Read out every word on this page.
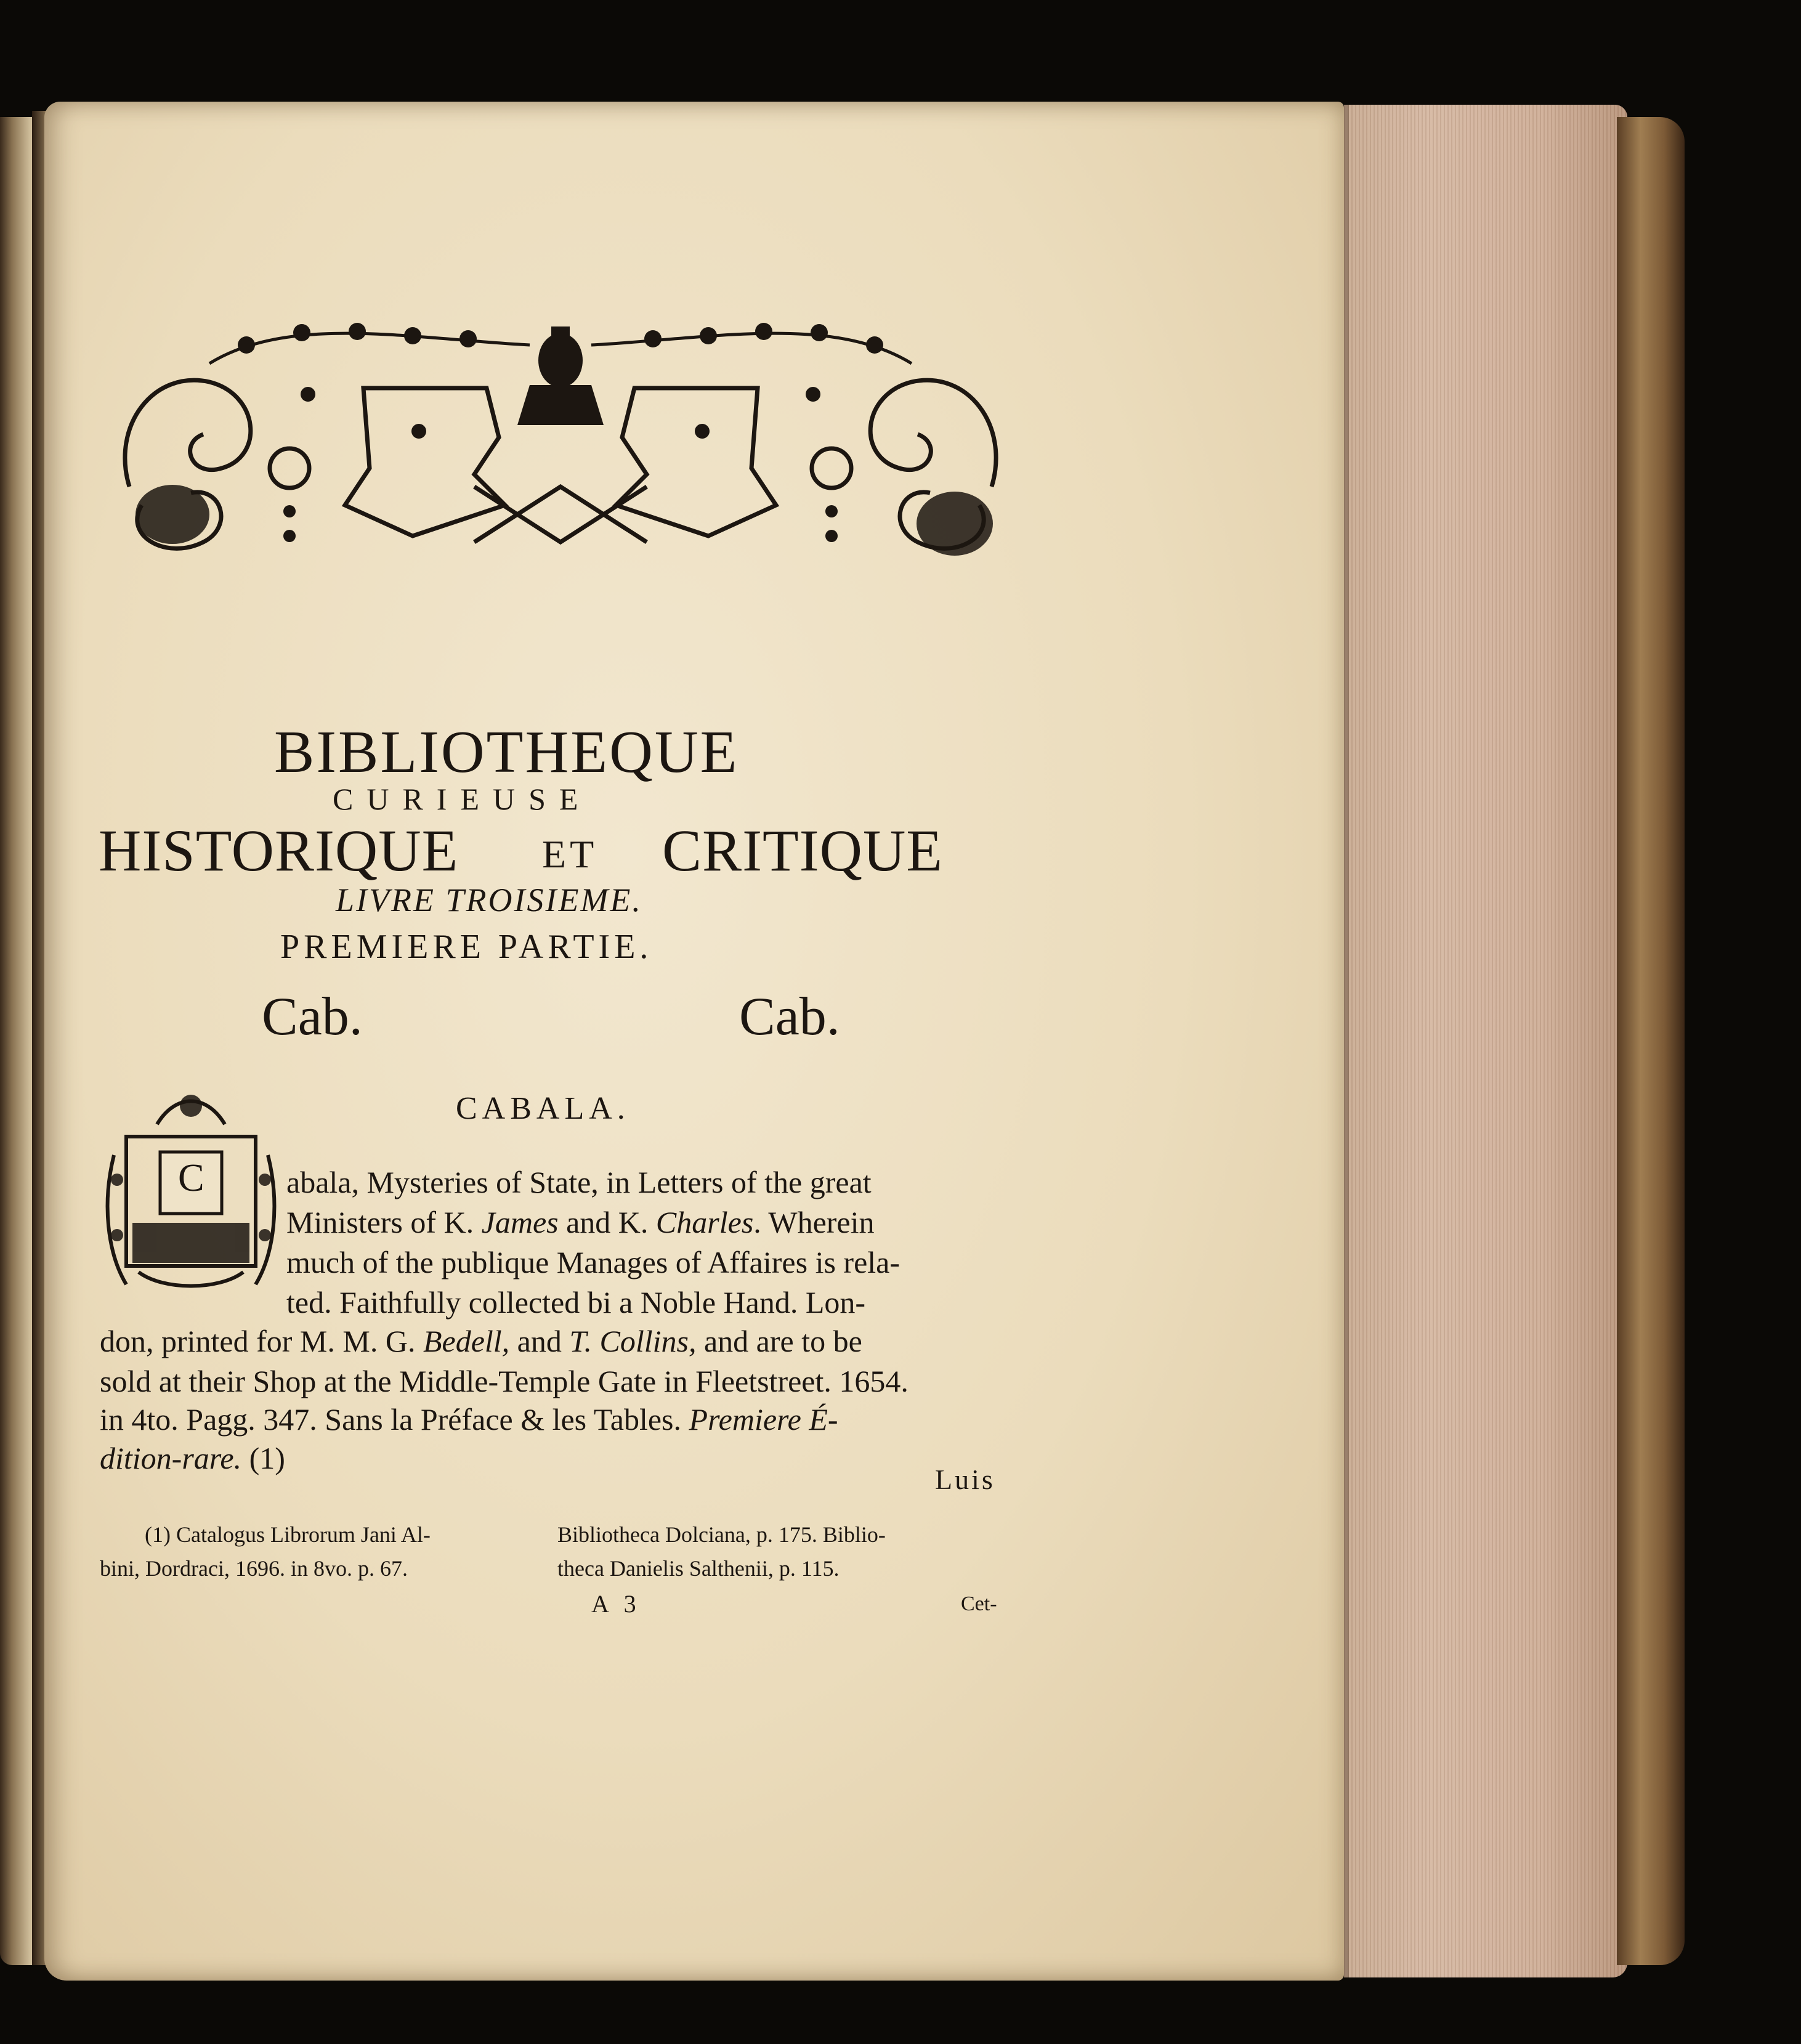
BIBLIOTHEQUE

CURIEUSE

HISTORIQUE ET CRITIQUE

LIVRE TROISIEME.

PREMIERE PARTIE.

Cab.	Cab.

CABALA.

C	abala, Mysteries of State, in Letters of the great

Ministers of K. James and K. Charles. Wherein

much of the publique Manages of Affaires is rela-

ted. Faithfully collected bi a Noble Hand. Lon-

don, printed for M. M. G. Bedell, and T. Collins, and are to be

sold at their Shop at the Middle-Temple Gate in Fleetstreet. 1654.

in 4to. Pagg. 347. Sans la Préface & les Tables. Premiere É-

dition-rare. (1)

Luis

(1) Catalogus Librorum Jani Al-

bini, Dordraci, 1696. in 8vo. p. 67.

Bibliotheca Dolciana, p. 175. Biblio-

theca Danielis Salthenii, p. 115.

A 3	Cet-
